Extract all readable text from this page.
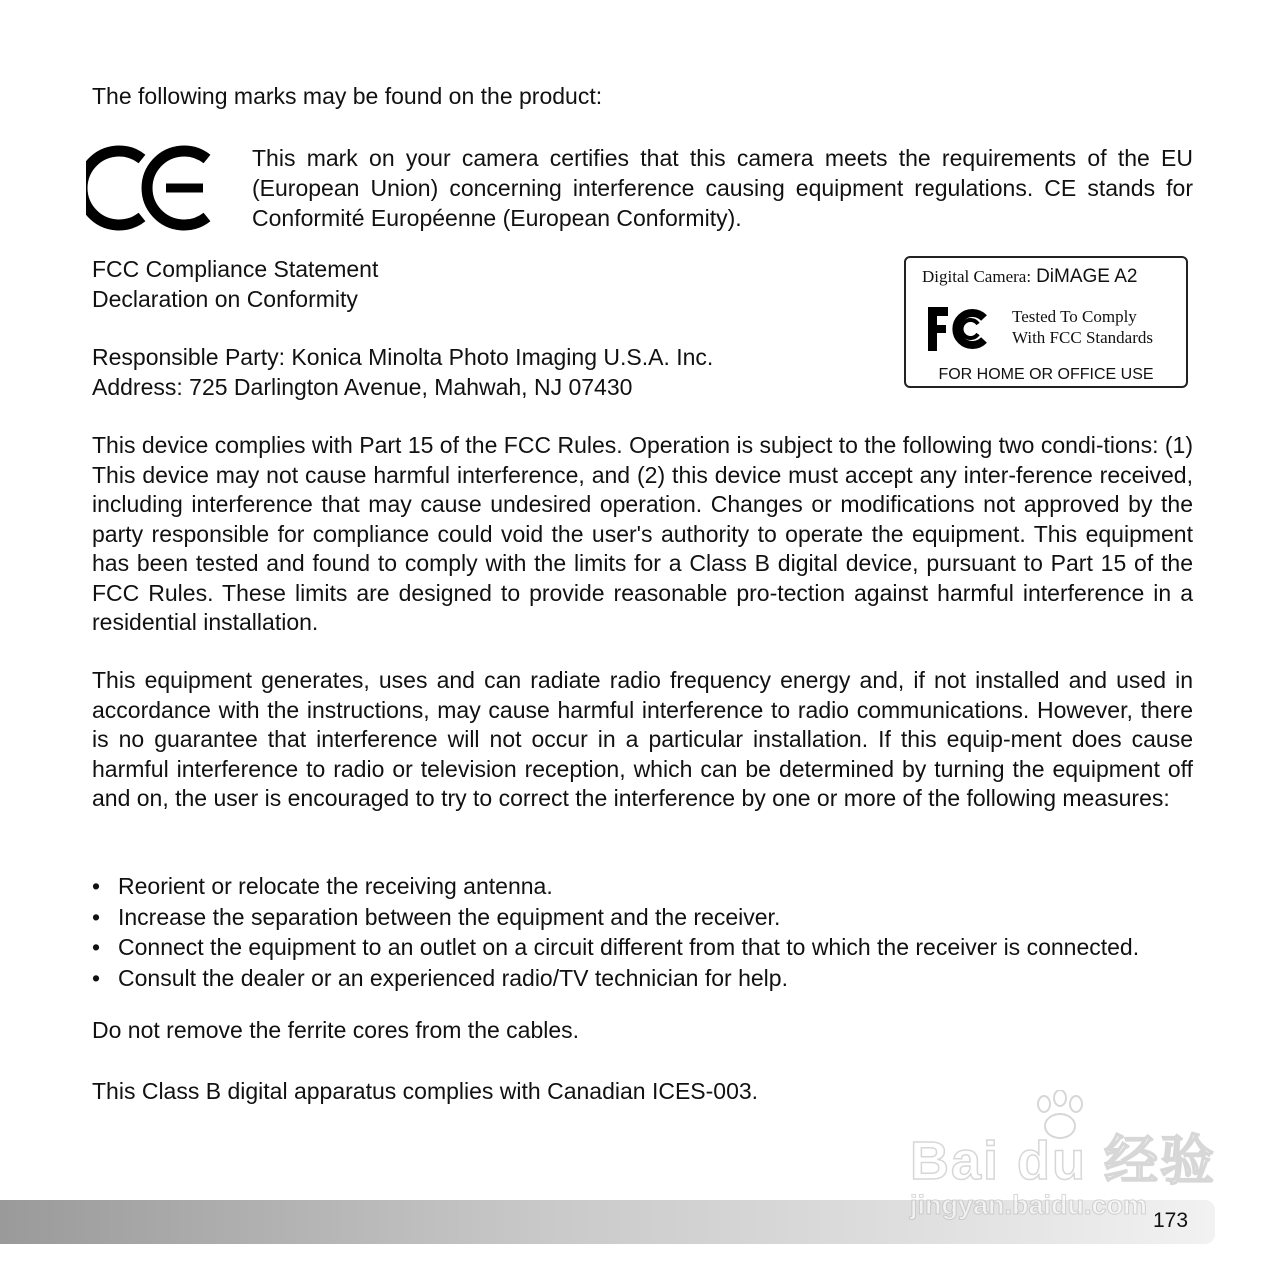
The following marks may be found on the product:

This mark on your camera certifies that this camera meets the requirements of the EU (European Union) concerning interference causing equipment regulations. CE stands for Conformité Européenne (European Conformity).

FCC Compliance Statement
Declaration on Conformity

Responsible Party: Konica Minolta Photo Imaging U.S.A. Inc.
Address: 725 Darlington Avenue, Mahwah, NJ 07430

Digital Camera: DiMAGE A2
Tested To Comply
With FCC Standards
FOR HOME OR OFFICE USE

This device complies with Part 15 of the FCC Rules. Operation is subject to the following two condi-tions: (1) This device may not cause harmful interference, and (2) this device must accept any inter-ference received, including interference that may cause undesired operation. Changes or modifications not approved by the party responsible for compliance could void the user's authority to operate the equipment. This equipment has been tested and found to comply with the limits for a Class B digital device, pursuant to Part 15 of the FCC Rules. These limits are designed to provide reasonable pro-tection against harmful interference in a residential installation.

This equipment generates, uses and can radiate radio frequency energy and, if not installed and used in accordance with the instructions, may cause harmful interference to radio communications. However, there is no guarantee that interference will not occur in a particular installation. If this equip-ment does cause harmful interference to radio or television reception, which can be determined by turning the equipment off and on, the user is encouraged to try to correct the interference by one or more of the following measures:

• Reorient or relocate the receiving antenna.
• Increase the separation between the equipment and the receiver.
• Connect the equipment to an outlet on a circuit different from that to which the receiver is connected.
• Consult the dealer or an experienced radio/TV technician for help.

Do not remove the ferrite cores from the cables.

This Class B digital apparatus complies with Canadian ICES-003.

173
Bai du 经验
jingyan.baidu.com
